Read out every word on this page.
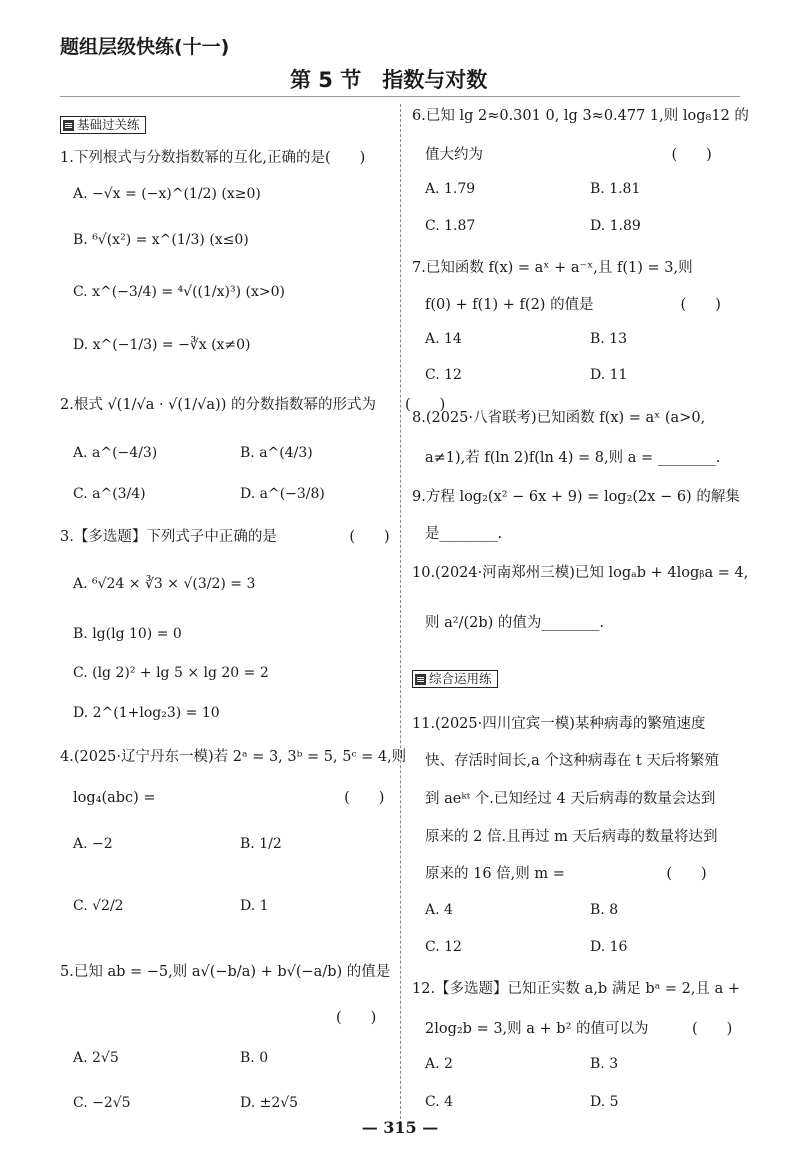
题组层级快练(十一)
第 5 节　指数与对数
基础过关练
1.下列根式与分数指数幂的互化,正确的是(　　)
A. −√x = (−x)^(1/2) (x≥0)
B. ⁶√(x²) = x^(1/3) (x≤0)
C. x^(−3/4) = ⁴√((1/x)³) (x>0)
D. x^(−1/3) = −∛x (x≠0)
2.根式 √(1/√a · √(1/√a)) 的分数指数幂的形式为　　(　　)
A. a^(−4/3)	B. a^(4/3)
C. a^(3/4)	D. a^(−3/8)
3.【多选题】下列式子中正确的是　　　　　(　　)
A. ⁶√24 × ∛3 × √(3/2) = 3
B. lg(lg 10) = 0
C. (lg 2)² + lg 5 × lg 20 = 2
D. 2^(1+log₂3) = 10
4.(2025·辽宁丹东一模)若 2ᵃ = 3, 3ᵇ = 5, 5ᶜ = 4,则
log₄(abc) =　　　　　　　　　　　　　(　　)
A. −2	B. 1/2
C. √2/2	D. 1
5.已知 ab = −5,则 a√(−b/a) + b√(−a/b) 的值是
(　　)
A. 2√5	B. 0
C. −2√5	D. ±2√5
6.已知 lg 2≈0.301 0, lg 3≈0.477 1,则 log₈12 的
值大约为　　　　　　　　　　　　　(　　)
A. 1.79	B. 1.81
C. 1.87	D. 1.89
7.已知函数 f(x) = aˣ + a⁻ˣ,且 f(1) = 3,则
f(0) + f(1) + f(2) 的值是　　　　　　(　　)
A. 14	B. 13
C. 12	D. 11
8.(2025·八省联考)已知函数 f(x) = aˣ (a>0,
a≠1),若 f(ln 2)f(ln 4) = 8,则 a = ________.
9.方程 log₂(x² − 6x + 9) = log₂(2x − 6) 的解集
是________.
10.(2024·河南郑州三模)已知 logₐb + 4logᵦa = 4,
则 a²/(2b) 的值为________.
综合运用练
11.(2025·四川宜宾一模)某种病毒的繁殖速度
快、存活时间长,a 个这种病毒在 t 天后将繁殖
到 aeᵏᵗ 个.已知经过 4 天后病毒的数量会达到
原来的 2 倍.且再过 m 天后病毒的数量将达到
原来的 16 倍,则 m =　　　　　　　(　　)
A. 4	B. 8
C. 12	D. 16
12.【多选题】已知正实数 a,b 满足 bᵃ = 2,且 a +
2log₂b = 3,则 a + b² 的值可以为　　　(　　)
A. 2	B. 3
C. 4	D. 5
— 315 —
